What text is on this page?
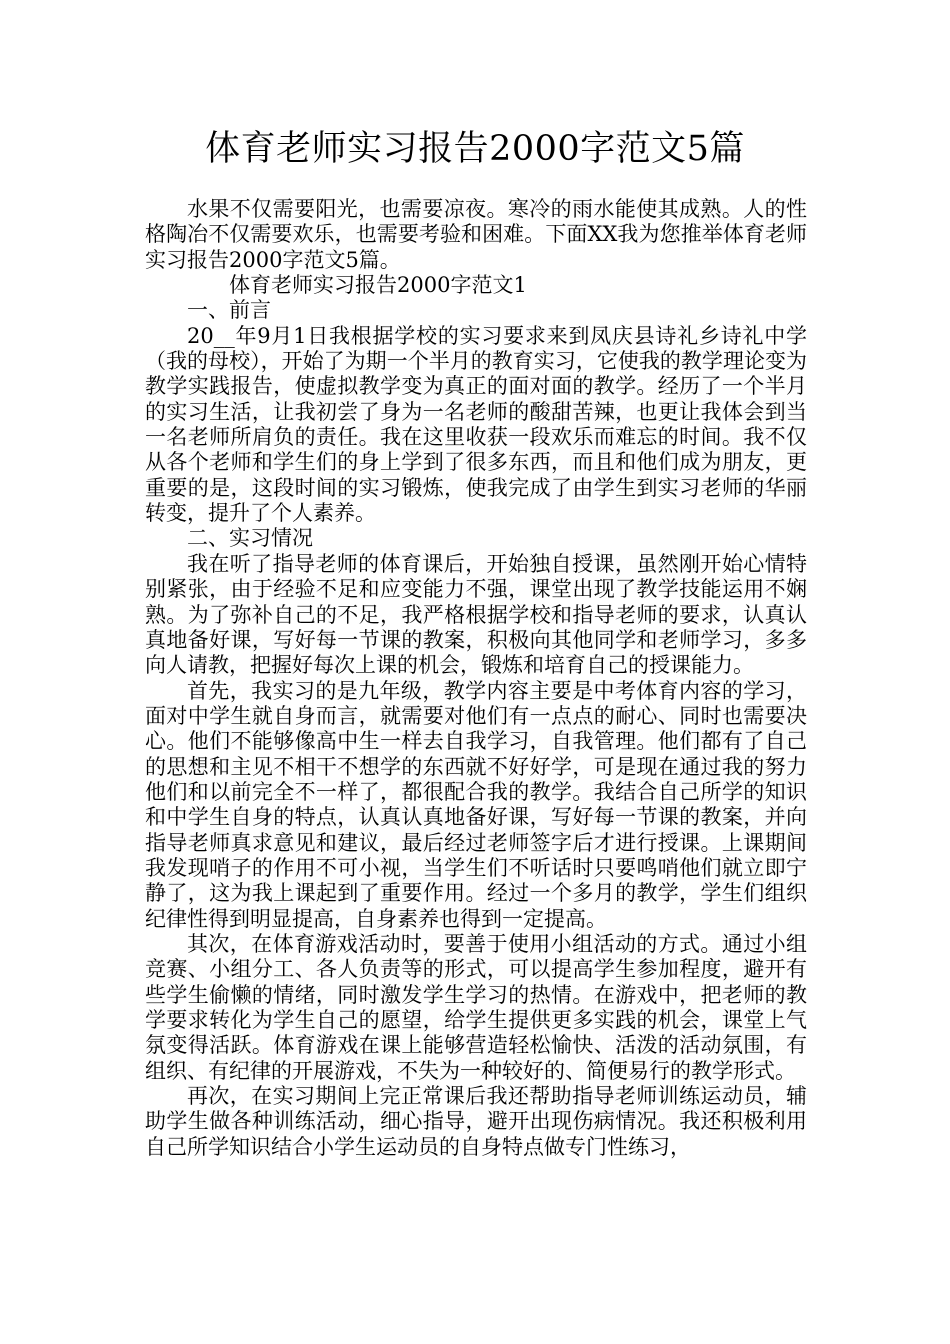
体育老师实习报告2000字范文5篇

水果不仅需要阳光，也需要凉夜。寒冷的雨水能使其成熟。人的性格陶冶不仅需要欢乐，也需要考验和困难。下面XX我为您推举体育老师实习报告2000字范文5篇。

体育老师实习报告2000字范文1

一、前言

20__年9月1日我根据学校的实习要求来到凤庆县诗礼乡诗礼中学（我的母校），开始了为期一个半月的教育实习，它使我的教学理论变为教学实践报告，使虚拟教学变为真正的面对面的教学。经历了一个半月的实习生活，让我初尝了身为一名老师的酸甜苦辣，也更让我体会到当一名老师所肩负的责任。我在这里收获一段欢乐而难忘的时间。我不仅从各个老师和学生们的身上学到了很多东西，而且和他们成为朋友，更重要的是，这段时间的实习锻炼，使我完成了由学生到实习老师的华丽转变，提升了个人素养。

二、实习情况

我在听了指导老师的体育课后，开始独自授课，虽然刚开始心情特别紧张，由于经验不足和应变能力不强，课堂出现了教学技能运用不娴熟。为了弥补自己的不足，我严格根据学校和指导老师的要求，认真认真地备好课，写好每一节课的教案，积极向其他同学和老师学习，多多向人请教，把握好每次上课的机会，锻炼和培育自己的授课能力。

首先，我实习的是九年级，教学内容主要是中考体育内容的学习，面对中学生就自身而言，就需要对他们有一点点的耐心、同时也需要决心。他们不能够像高中生一样去自我学习，自我管理。他们都有了自己的思想和主见不相干不想学的东西就不好好学，可是现在通过我的努力他们和以前完全不一样了，都很配合我的教学。我结合自己所学的知识和中学生自身的特点，认真认真地备好课，写好每一节课的教案，并向指导老师真求意见和建议，最后经过老师签字后才进行授课。上课期间我发现哨子的作用不可小视，当学生们不听话时只要鸣哨他们就立即宁静了，这为我上课起到了重要作用。经过一个多月的教学，学生们组织纪律性得到明显提高，自身素养也得到一定提高。

其次，在体育游戏活动时，要善于使用小组活动的方式。通过小组竞赛、小组分工、各人负责等的形式，可以提高学生参加程度，避开有些学生偷懒的情绪，同时激发学生学习的热情。在游戏中，把老师的教学要求转化为学生自己的愿望，给学生提供更多实践的机会，课堂上气氛变得活跃。体育游戏在课上能够营造轻松愉快、活泼的活动氛围，有组织、有纪律的开展游戏，不失为一种较好的、简便易行的教学形式。

再次，在实习期间上完正常课后我还帮助指导老师训练运动员，辅助学生做各种训练活动，细心指导，避开出现伤病情况。我还积极利用自己所学知识结合小学生运动员的自身特点做专门性练习，
